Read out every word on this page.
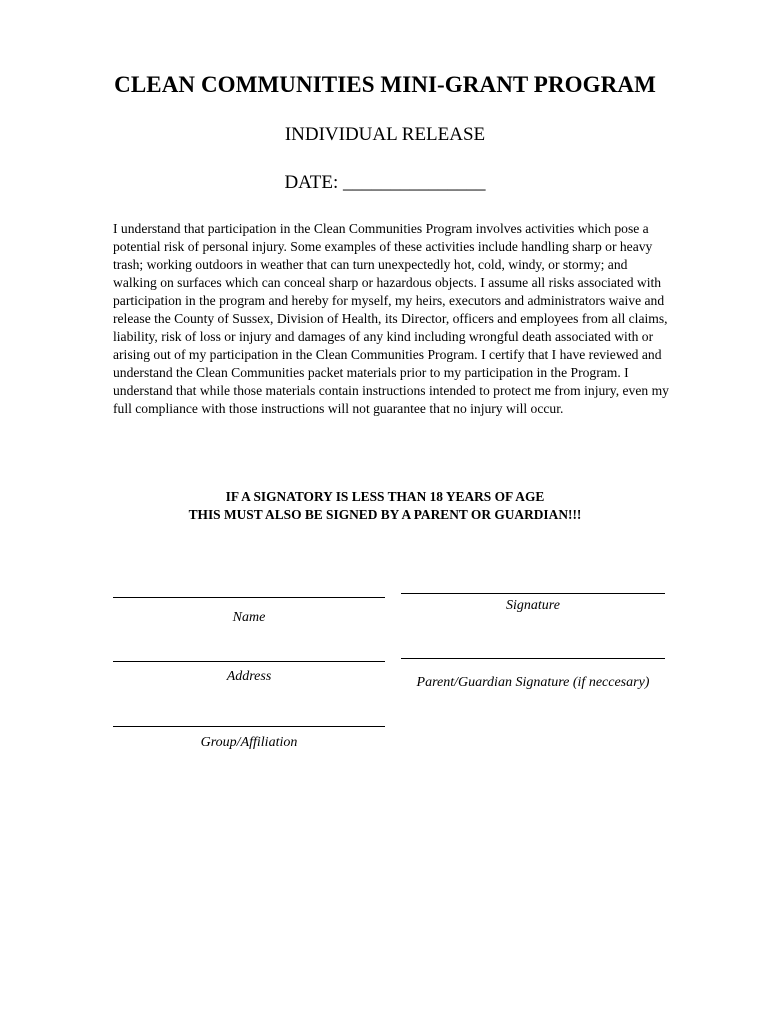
CLEAN COMMUNITIES MINI-GRANT PROGRAM
INDIVIDUAL RELEASE
DATE: _______________
I understand that participation in the Clean Communities Program involves activities which pose a potential risk of personal injury. Some examples of these activities include handling sharp or heavy trash; working outdoors in weather that can turn unexpectedly hot, cold, windy, or stormy; and walking on surfaces which can conceal sharp or hazardous objects. I assume all risks associated with participation in the program and hereby for myself, my heirs, executors and administrators waive and release the County of Sussex, Division of Health, its Director, officers and employees from all claims, liability, risk of loss or injury and damages of any kind including wrongful death associated with or arising out of my participation in the Clean Communities Program. I certify that I have reviewed and understand the Clean Communities packet materials prior to my participation in the Program. I understand that while those materials contain instructions intended to protect me from injury, even my full compliance with those instructions will not guarantee that no injury will occur.
IF A SIGNATORY IS LESS THAN 18 YEARS OF AGE
THIS MUST ALSO BE SIGNED BY A PARENT OR GUARDIAN!!!
Name
Signature
Address	Parent/Guardian Signature (if neccesary)
Group/Affiliation
